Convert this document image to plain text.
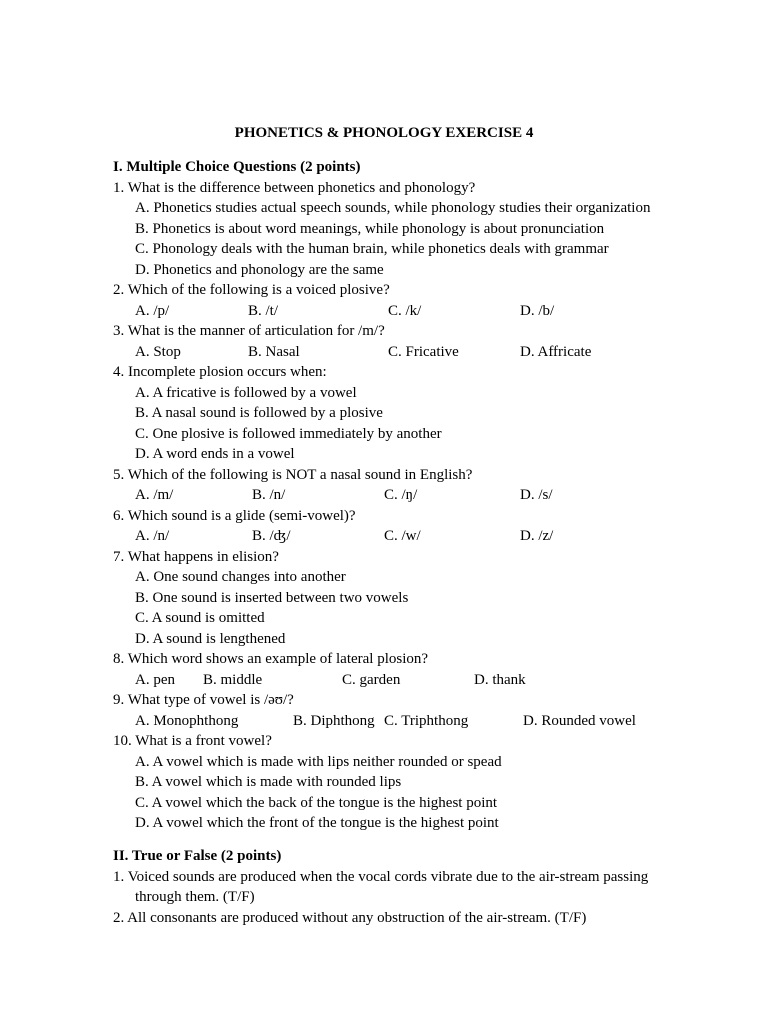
PHONETICS & PHONOLOGY EXERCISE 4
I. Multiple Choice Questions (2 points)
1. What is the difference between phonetics and phonology?
A. Phonetics studies actual speech sounds, while phonology studies their organization
B. Phonetics is about word meanings, while phonology is about pronunciation
C. Phonology deals with the human brain, while phonetics deals with grammar
D. Phonetics and phonology are the same
2. Which of the following is a voiced plosive?
A. /p/	B. /t/	C. /k/	D. /b/
3. What is the manner of articulation for /m/?
A. Stop	B. Nasal	C. Fricative	D. Affricate
4. Incomplete plosion occurs when:
A. A fricative is followed by a vowel
B. A nasal sound is followed by a plosive
C. One plosive is followed immediately by another
D. A word ends in a vowel
5. Which of the following is NOT a nasal sound in English?
A. /m/	B. /n/	C. /ŋ/	D. /s/
6. Which sound is a glide (semi-vowel)?
A. /n/	B. /ʤ/	C. /w/	D. /z/
7. What happens in elision?
A. One sound changes into another
B. One sound is inserted between two vowels
C. A sound is omitted
D. A sound is lengthened
8. Which word shows an example of lateral plosion?
A. pen B. middle	C. garden	D. thank
9. What type of vowel is /əʊ/?
A. Monophthong	B. Diphthong C. Triphthong	D. Rounded vowel
10. What is a front vowel?
A. A vowel which is made with lips neither rounded or spead
B. A vowel which is made with rounded lips
C. A vowel which the back of the tongue is the highest point
D. A vowel which the front of the tongue is the highest point
II. True or False (2 points)
1. Voiced sounds are produced when the vocal cords vibrate due to the air-stream passing
through them. (T/F)
2. All consonants are produced without any obstruction of the air-stream. (T/F)
